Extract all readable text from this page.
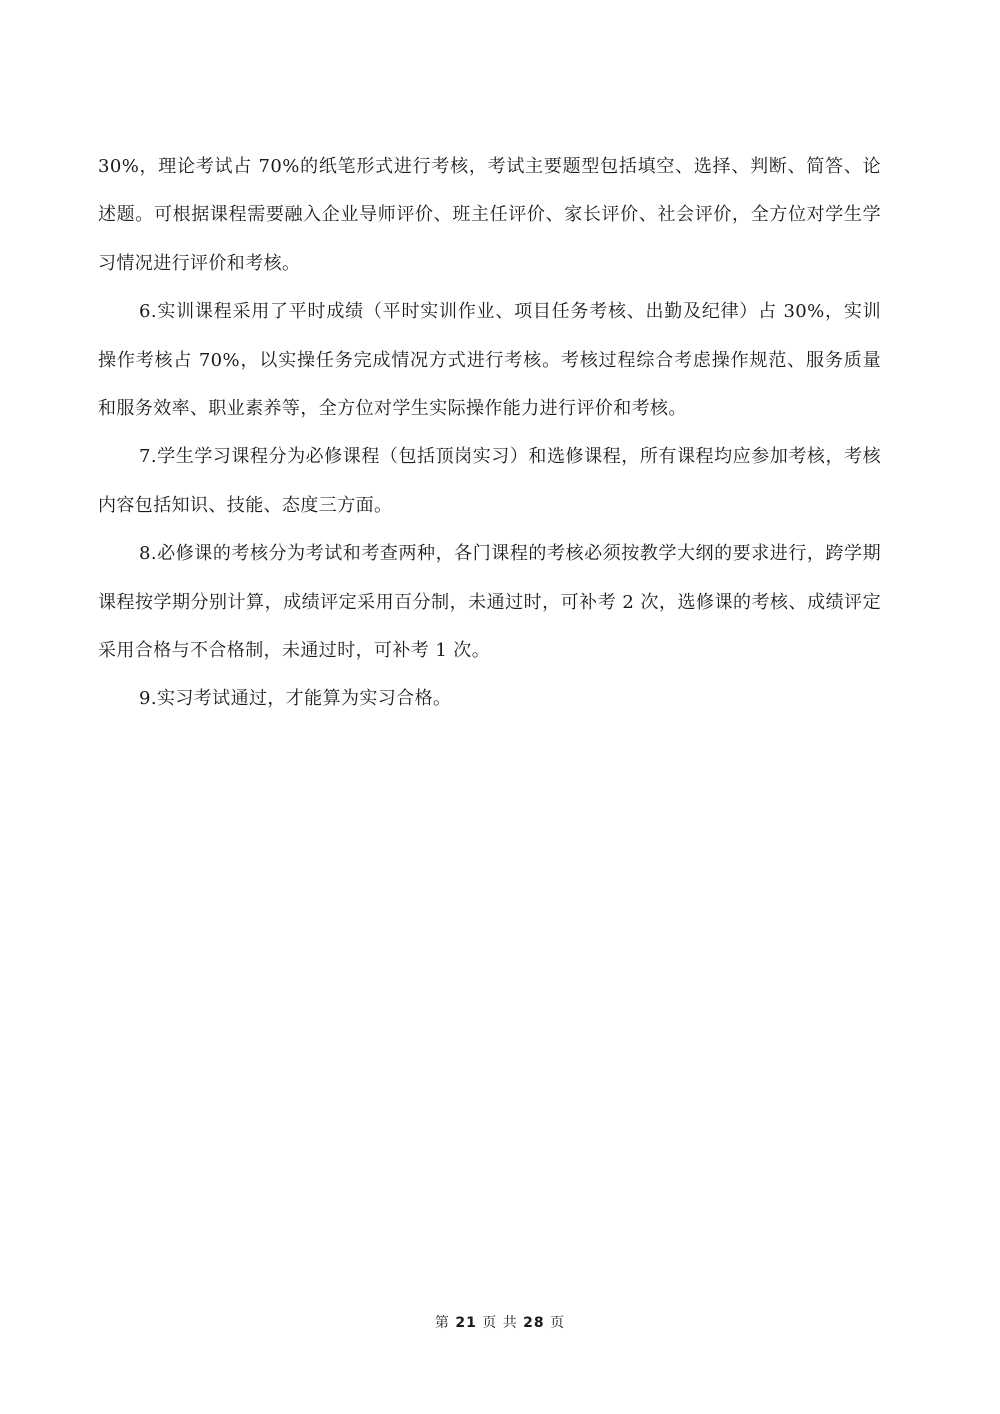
30%，理论考试占 70%的纸笔形式进行考核，考试主要题型包括填空、选择、判断、简答、论述题。可根据课程需要融入企业导师评价、班主任评价、家长评价、社会评价，全方位对学生学习情况进行评价和考核。

6.实训课程采用了平时成绩（平时实训作业、项目任务考核、出勤及纪律）占 30%，实训操作考核占 70%，以实操任务完成情况方式进行考核。考核过程综合考虑操作规范、服务质量和服务效率、职业素养等，全方位对学生实际操作能力进行评价和考核。

7.学生学习课程分为必修课程（包括顶岗实习）和选修课程，所有课程均应参加考核，考核内容包括知识、技能、态度三方面。

8.必修课的考核分为考试和考查两种，各门课程的考核必须按教学大纲的要求进行，跨学期课程按学期分别计算，成绩评定采用百分制，未通过时，可补考 2 次，选修课的考核、成绩评定采用合格与不合格制，未通过时，可补考 1 次。

9.实习考试通过，才能算为实习合格。

第 21 页 共 28 页
